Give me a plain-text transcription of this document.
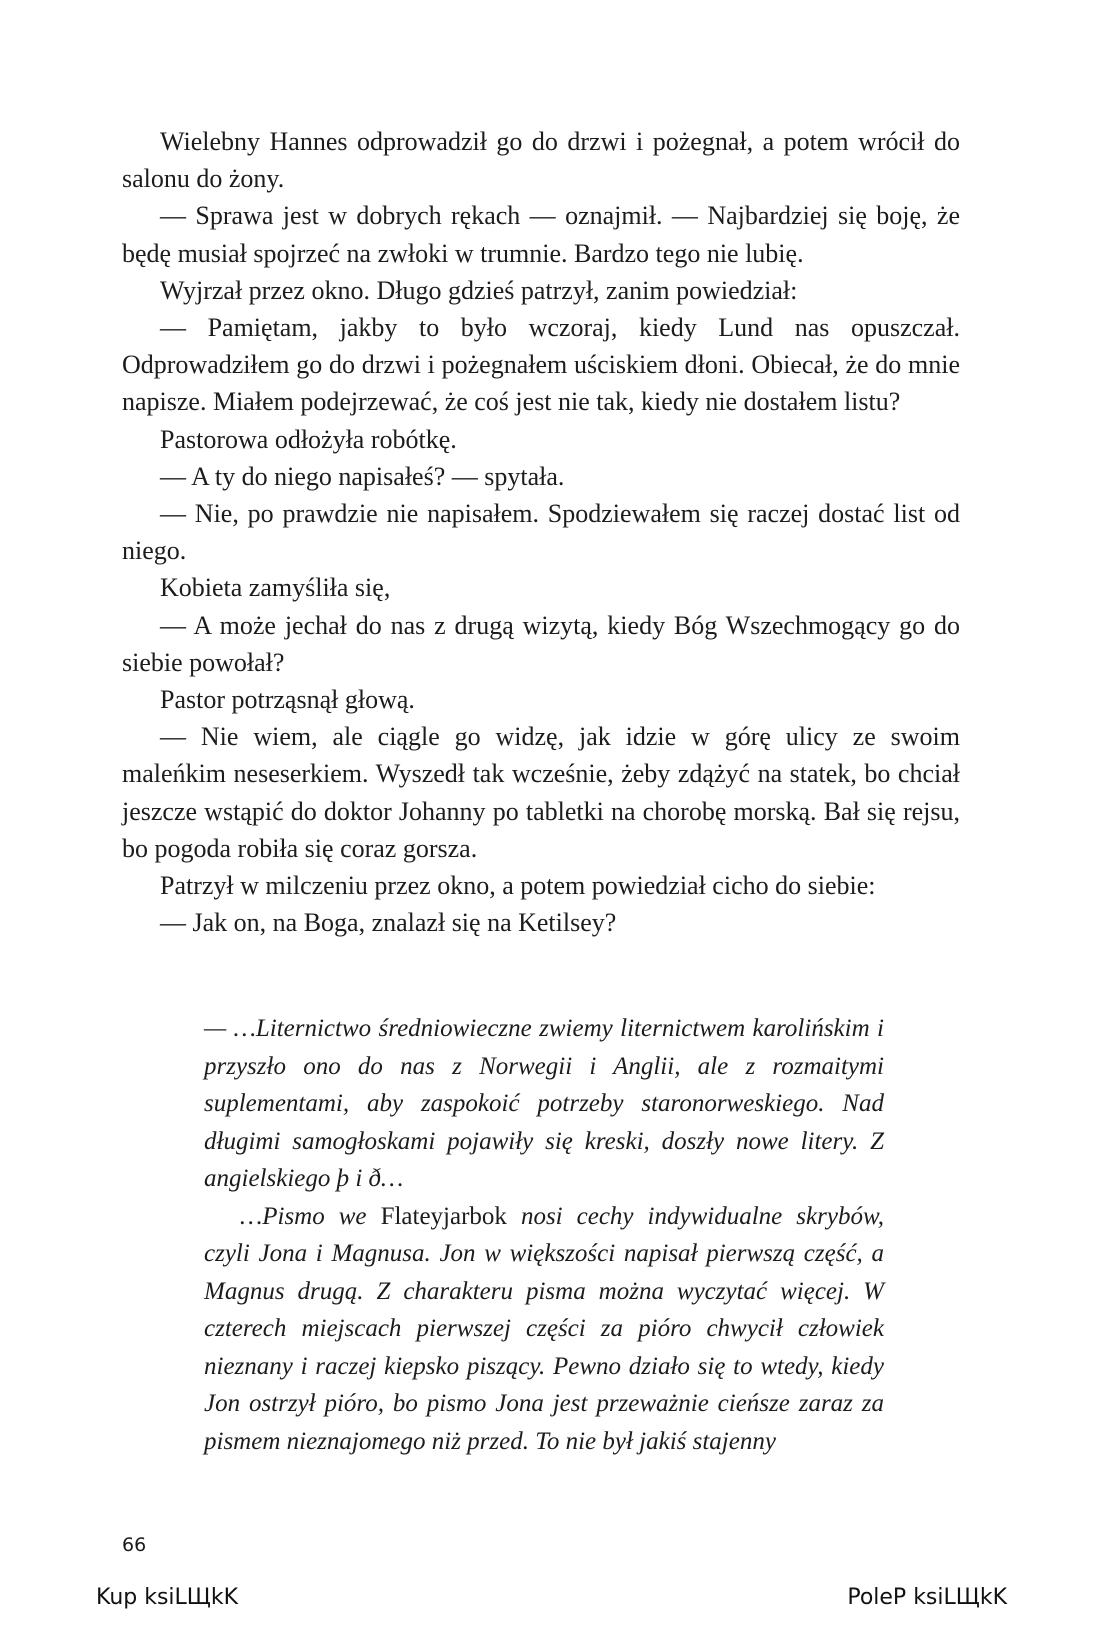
Wielebny Hannes odprowadził go do drzwi i pożegnał, a potem wrócił do salonu do żony.

— Sprawa jest w dobrych rękach — oznajmił. — Najbardziej się boję, że będę musiał spojrzeć na zwłoki w trumnie. Bardzo tego nie lubię.

Wyjrzał przez okno. Długo gdzieś patrzył, zanim powiedział:

— Pamiętam, jakby to było wczoraj, kiedy Lund nas opuszczał. Odprowadziłem go do drzwi i pożegnałem uściskiem dłoni. Obiecał, że do mnie napisze. Miałem podejrzewać, że coś jest nie tak, kiedy nie dostałem listu?

Pastorowa odłożyła robótkę.

— A ty do niego napisałeś? — spytała.

— Nie, po prawdzie nie napisałem. Spodziewałem się raczej dostać list od niego.

Kobieta zamyśliła się,

— A może jechał do nas z drugą wizytą, kiedy Bóg Wszechmogący go do siebie powołał?

Pastor potrząsnął głową.

— Nie wiem, ale ciągle go widzę, jak idzie w górę ulicy ze swoim maleńkim neseserkiem. Wyszedł tak wcześnie, żeby zdążyć na statek, bo chciał jeszcze wstąpić do doktor Johanny po tabletki na chorobę morską. Bał się rejsu, bo pogoda robiła się coraz gorsza.

Patrzył w milczeniu przez okno, a potem powiedział cicho do siebie:

— Jak on, na Boga, znalazł się na Ketilsey?

— …Liternictwo średniowieczne zwiemy liternictwem karolińskim i przyszło ono do nas z Norwegii i Anglii, ale z rozmaitymi suplementami, aby zaspokoić potrzeby staronorweskiego. Nad długimi samogłoskami pojawiły się kreski, doszły nowe litery. Z angielskiego þ i ð…

…Pismo we Flateyjarbok nosi cechy indywidualne skrybów, czyli Jona i Magnusa. Jon w większości napisał pierwszą część, a Magnus drugą. Z charakteru pisma można wyczytać więcej. W czterech miejscach pierwszej części za pióro chwycił człowiek nieznany i raczej kiepsko piszący. Pewno działo się to wtedy, kiedy Jon ostrzył pióro, bo pismo Jona jest przeważnie cieńsze zaraz za pismem nieznajomego niż przed. To nie był jakiś stajenny

66
Kup ksiLЩkK	PoleP ksiLЩkK
